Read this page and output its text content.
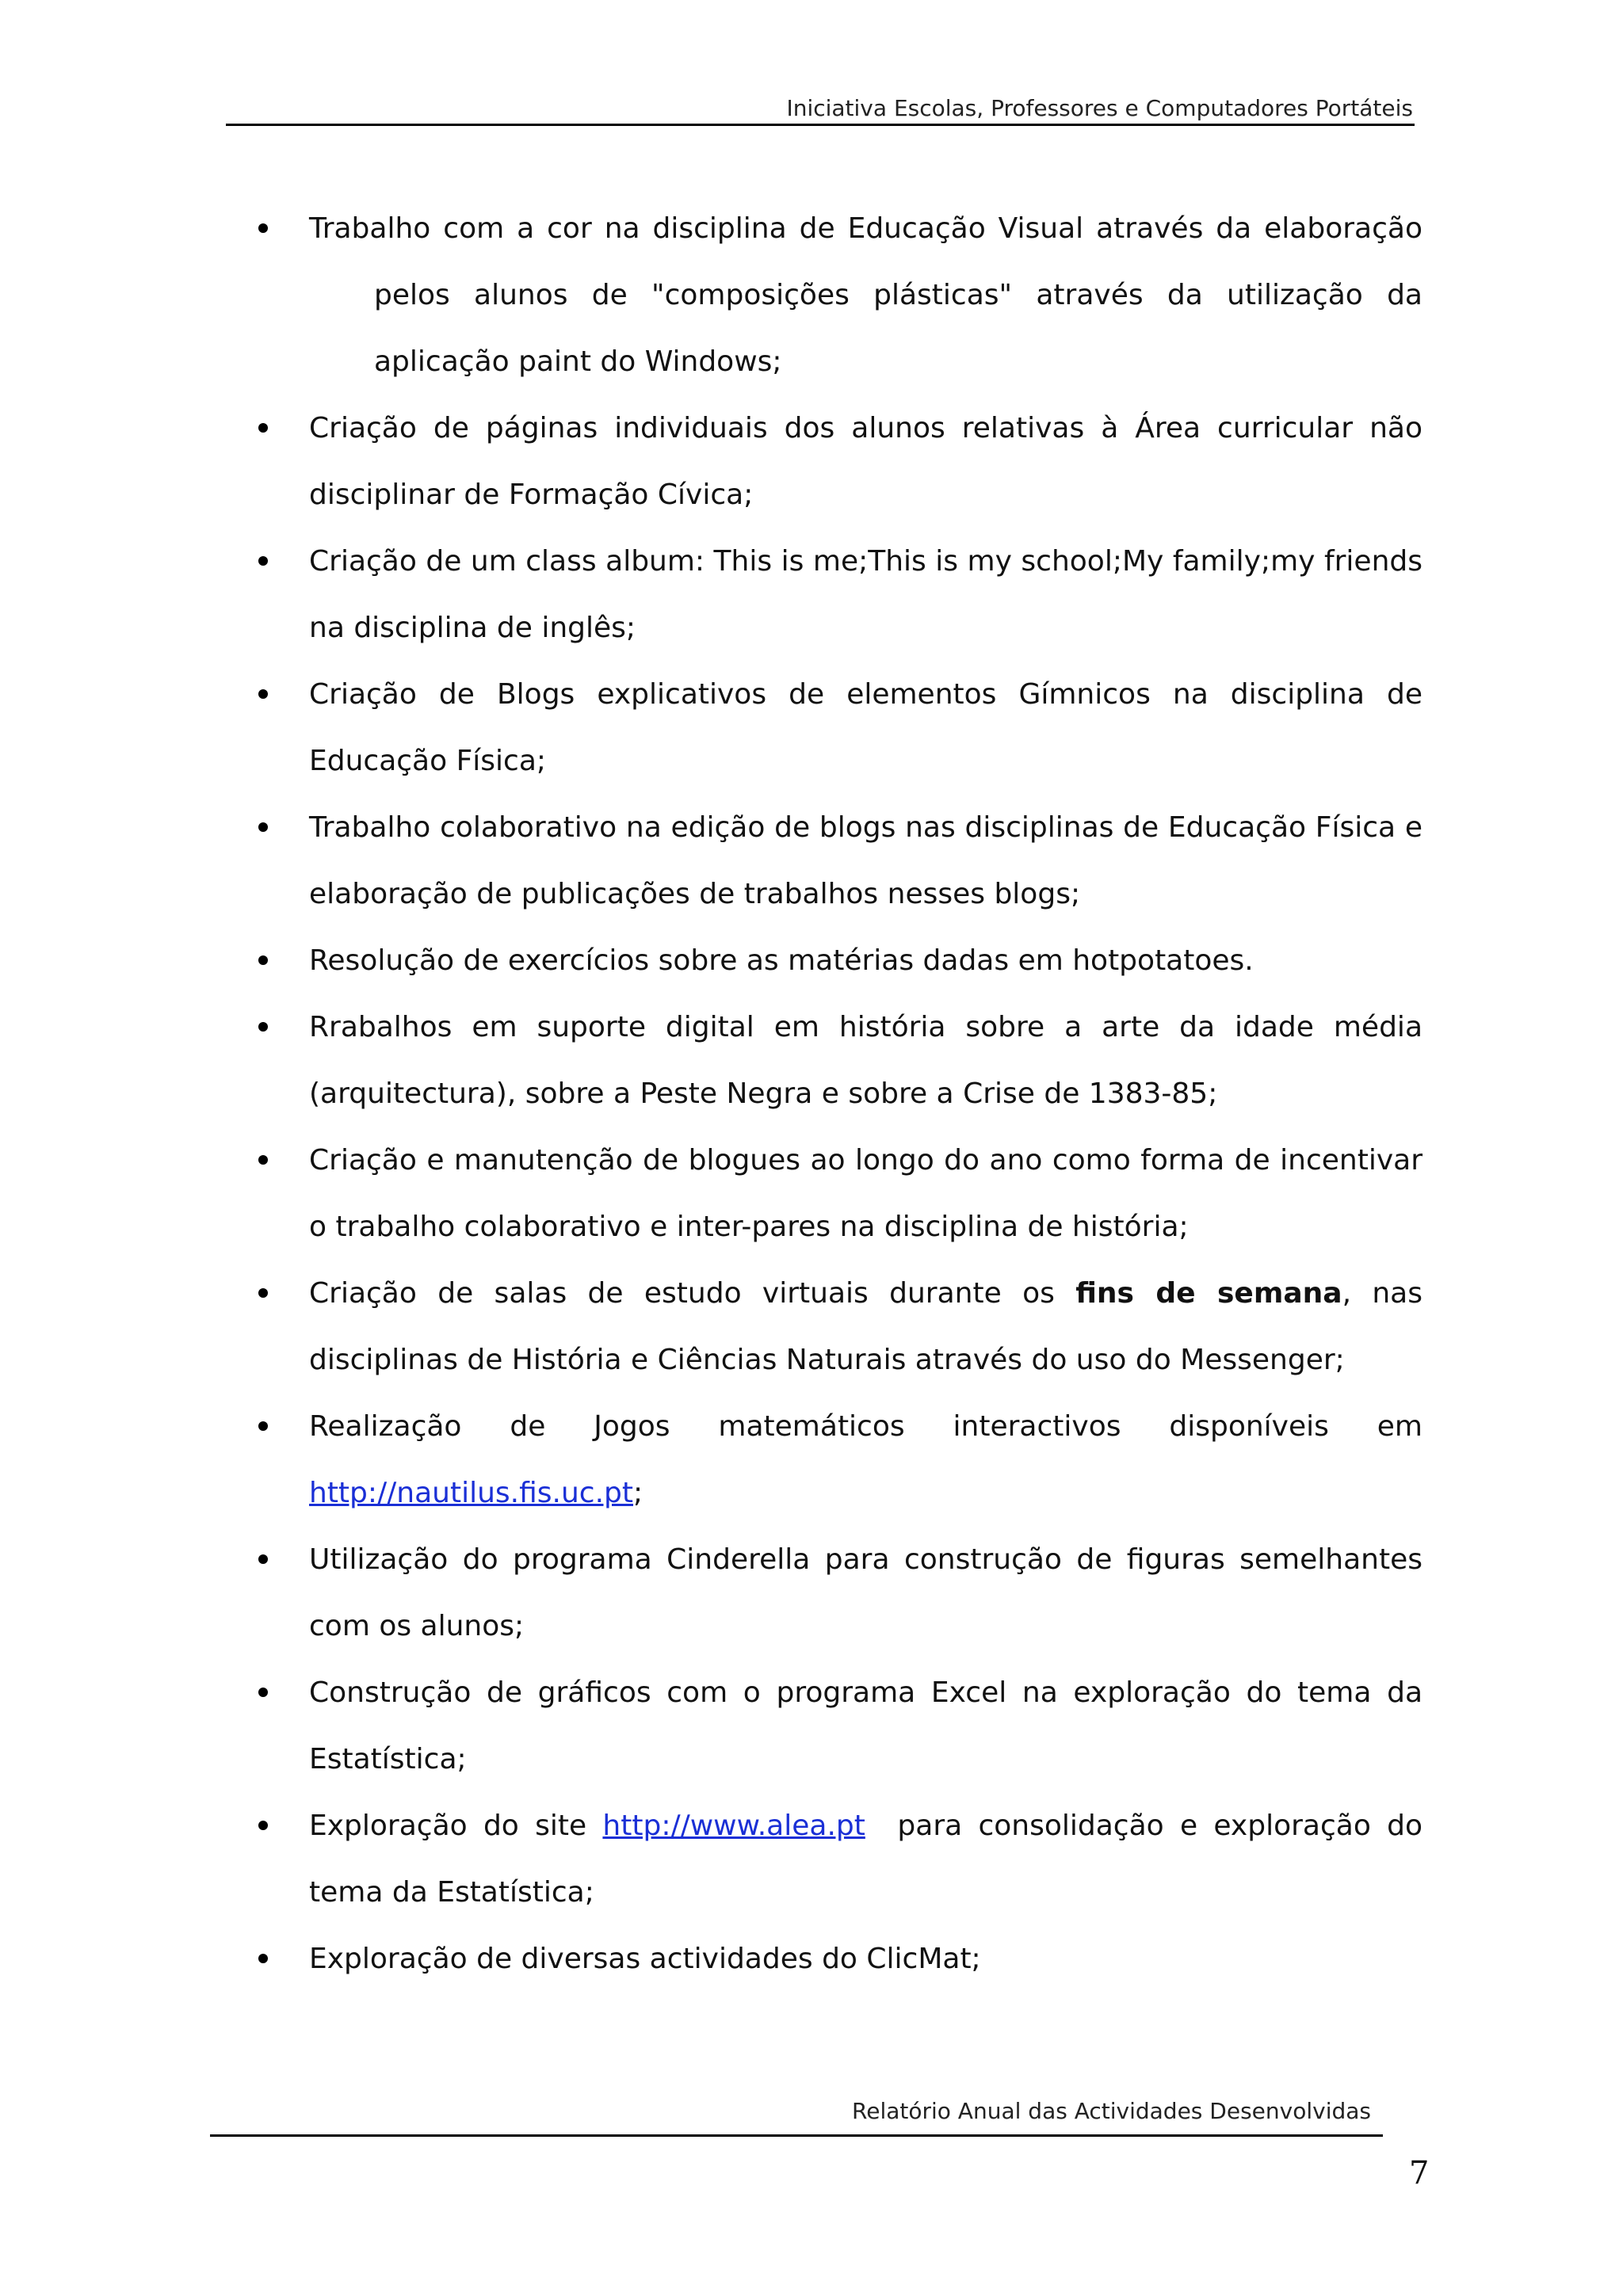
Iniciativa Escolas, Professores e Computadores Portáteis

Trabalho com a cor na disciplina de Educação Visual através da elaboração pelos alunos de "composições plásticas" através da utilização da aplicação paint do Windows;

Criação de páginas individuais dos alunos relativas à Área curricular não disciplinar de Formação Cívica;

Criação de um class album: This is me;This is my school;My family;my friends na disciplina de inglês;

Criação de Blogs explicativos de elementos Gímnicos na disciplina de Educação Física;

Trabalho colaborativo na edição de blogs nas disciplinas de Educação Física e elaboração de publicações de trabalhos nesses blogs;

Resolução de exercícios sobre as matérias dadas em hotpotatoes.

Rrabalhos em suporte digital em história sobre a arte da idade média (arquitectura), sobre a Peste Negra e sobre a Crise de 1383-85;

Criação e manutenção de blogues ao longo do ano como forma de incentivar o trabalho colaborativo e inter-pares na disciplina de história;

Criação de salas de estudo virtuais durante os fins de semana, nas disciplinas de História e Ciências Naturais através do uso do Messenger;

Realização de Jogos matemáticos interactivos disponíveis em http://nautilus.fis.uc.pt;

Utilização do programa Cinderella para construção de figuras semelhantes com os alunos;

Construção de gráficos com o programa Excel na exploração do tema da Estatística;

Exploração do site http://www.alea.pt  para consolidação e exploração do tema da Estatística;

Exploração de diversas actividades do ClicMat;

Relatório Anual das Actividades Desenvolvidas
7
